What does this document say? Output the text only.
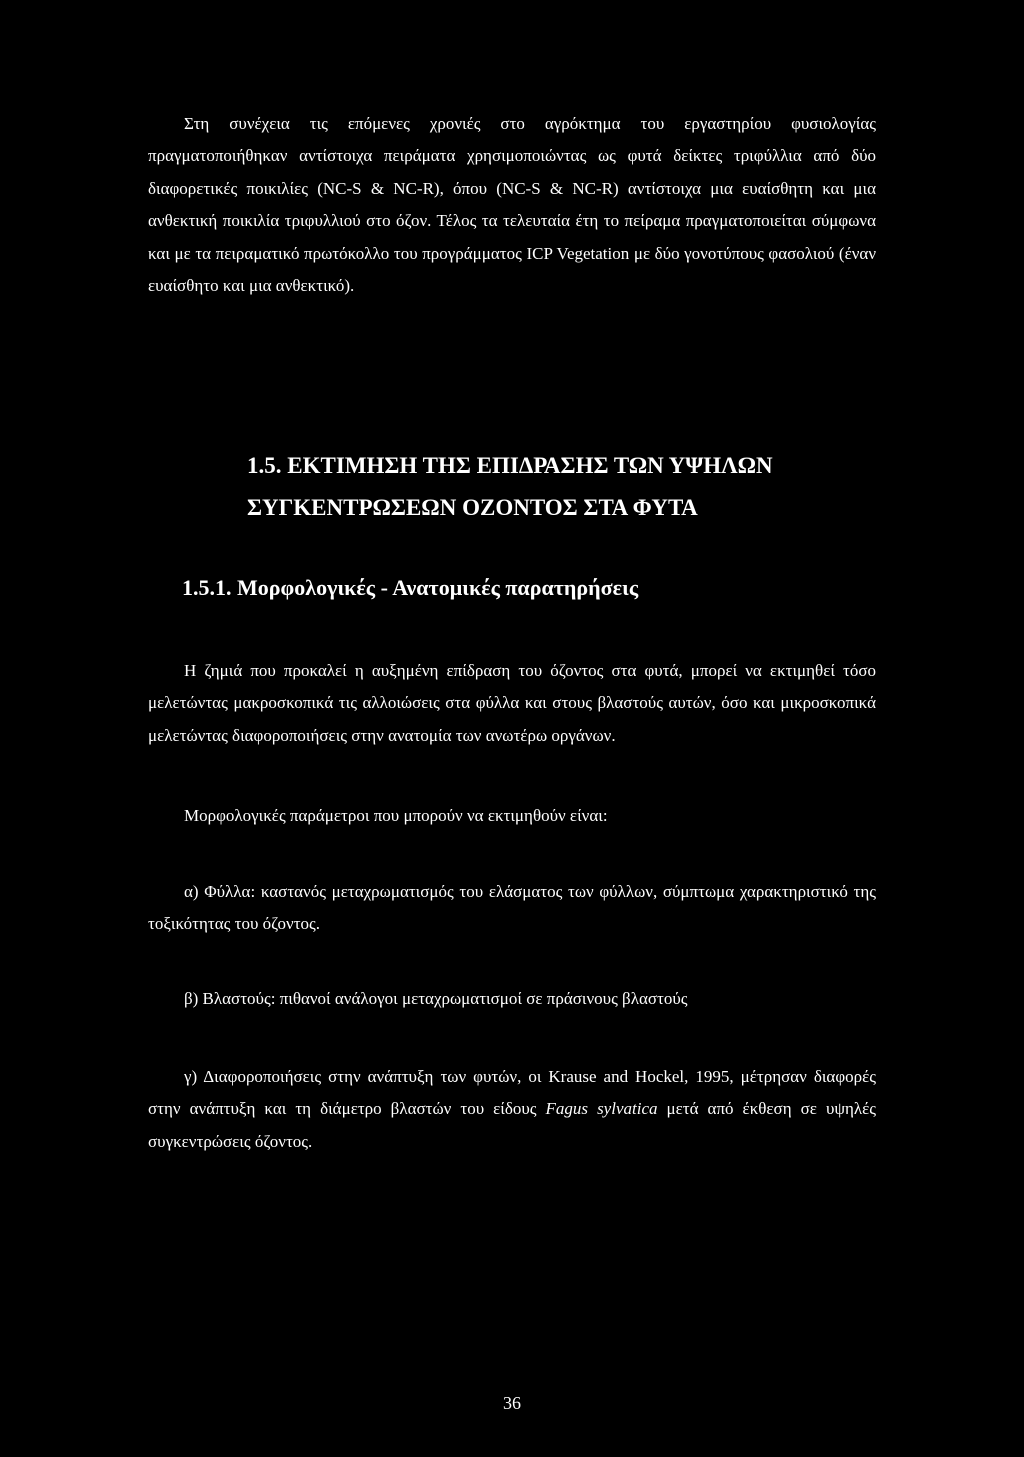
Στη συνέχεια τις επόμενες χρονιές στο αγρόκτημα του εργαστηρίου φυσιολογίας πραγματοποιήθηκαν αντίστοιχα πειράματα χρησιμοποιώντας ως φυτά δείκτες τριφύλλια από δύο διαφορετικές ποικιλίες (NC-S & NC-R), όπου (NC-S & NC-R) αντίστοιχα μια ευαίσθητη και μια ανθεκτική ποικιλία τριφυλλιού στο όζον. Τέλος τα τελευταία έτη το πείραμα πραγματοποιείται σύμφωνα και με τα πειραματικό πρωτόκολλο του προγράμματος ICP Vegetation με δύο γονοτύπους φασολιού (έναν ευαίσθητο και μια ανθεκτικό).

1.5. ΕΚΤΙΜΗΣΗ ΤΗΣ ΕΠΙΔΡΑΣΗΣ ΤΩΝ ΥΨΗΛΩΝ

ΣΥΓΚΕΝΤΡΩΣΕΩΝ ΟΖΟΝΤΟΣ ΣΤΑ ΦΥΤΑ

1.5.1. Μορφολογικές - Ανατομικές παρατηρήσεις

Η ζημιά που προκαλεί η αυξημένη επίδραση του όζοντος στα φυτά, μπορεί να εκτιμηθεί τόσο μελετώντας μακροσκοπικά τις αλλοιώσεις στα φύλλα και στους βλαστούς αυτών, όσο και μικροσκοπικά μελετώντας διαφοροποιήσεις στην ανατομία των ανωτέρω οργάνων.

Μορφολογικές παράμετροι που μπορούν να εκτιμηθούν είναι:

α) Φύλλα: καστανός μεταχρωματισμός του ελάσματος των φύλλων, σύμπτωμα χαρακτηριστικό της τοξικότητας του όζοντος.

β) Βλαστούς: πιθανοί ανάλογοι μεταχρωματισμοί σε πράσινους βλαστούς

γ) Διαφοροποιήσεις στην ανάπτυξη των φυτών, οι Krause and Hockel, 1995, μέτρησαν διαφορές στην ανάπτυξη και τη διάμετρο βλαστών του είδους Fagus sylvatica μετά από έκθεση σε υψηλές συγκεντρώσεις όζοντος.

36
